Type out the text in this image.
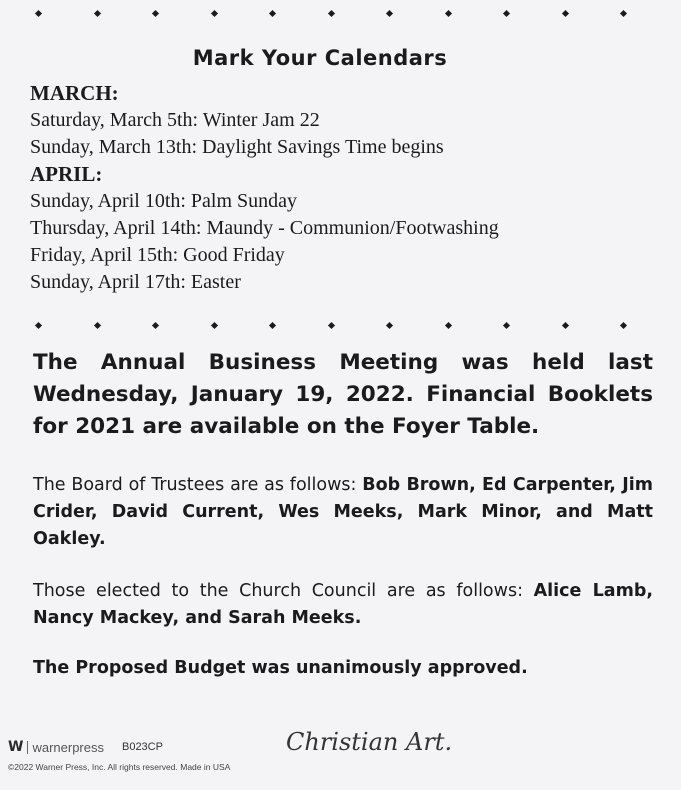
Mark Your Calendars
MARCH:
Saturday, March 5th: Winter Jam 22
Sunday, March 13th: Daylight Savings Time begins
APRIL:
Sunday, April 10th: Palm Sunday
Thursday, April 14th: Maundy - Communion/Footwashing
Friday, April 15th: Good Friday
Sunday, April 17th: Easter
The Annual Business Meeting was held last Wednesday, January 19, 2022. Financial Booklets for 2021 are available on the Foyer Table.
The Board of Trustees are as follows: Bob Brown, Ed Carpenter, Jim Crider, David Current, Wes Meeks, Mark Minor, and Matt Oakley.
Those elected to the Church Council are as follows: Alice Lamb, Nancy Mackey, and Sarah Meeks.
The Proposed Budget was unanimously approved.
W warnerpress B023CP
©2022 Warner Press, Inc. All rights reserved. Made in USA
Christian Art.
